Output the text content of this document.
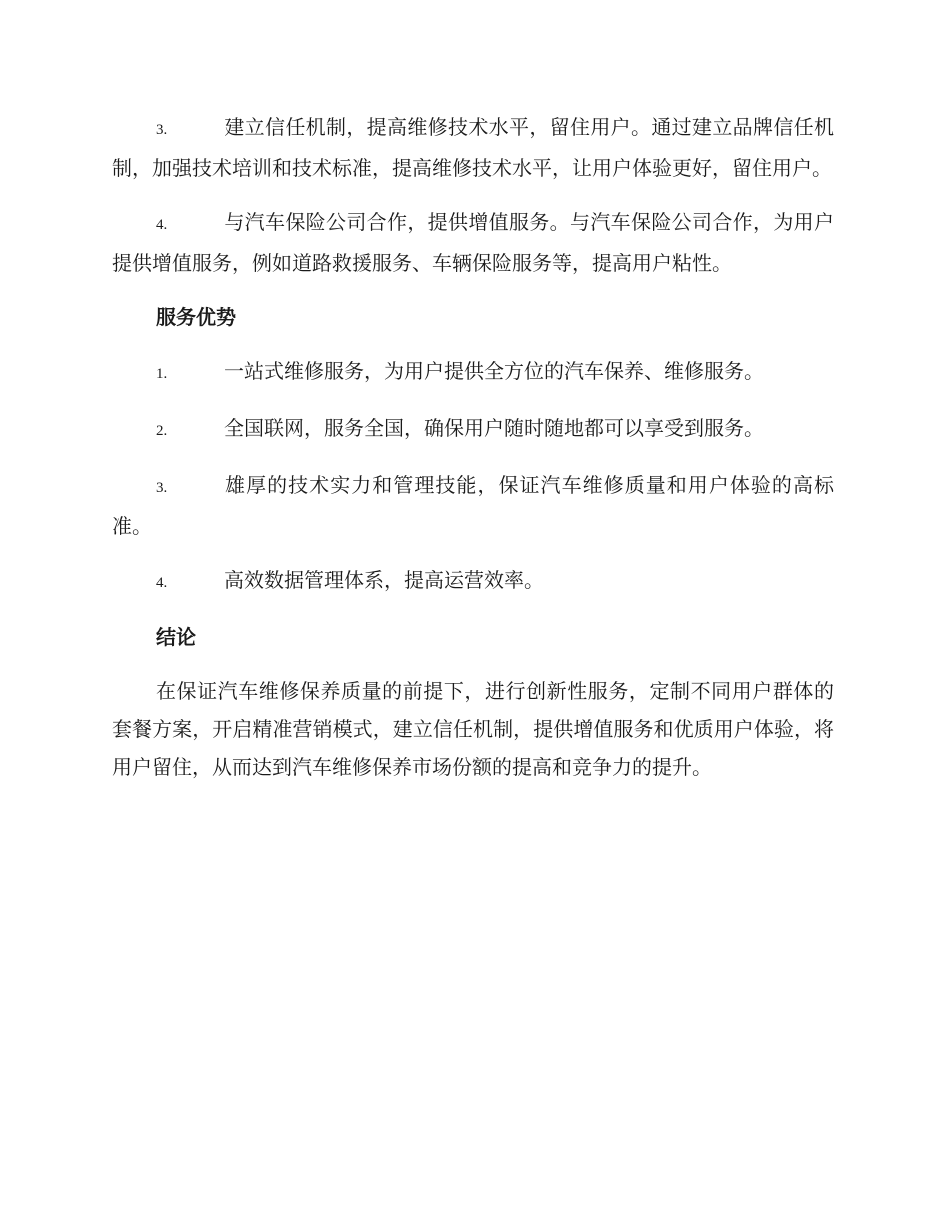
3.	建立信任机制，提高维修技术水平，留住用户。通过建立品牌信任机制，加强技术培训和技术标准，提高维修技术水平，让用户体验更好，留住用户。

4.	与汽车保险公司合作，提供增值服务。与汽车保险公司合作，为用户提供增值服务，例如道路救援服务、车辆保险服务等，提高用户粘性。

服务优势

1.	一站式维修服务，为用户提供全方位的汽车保养、维修服务。

2.	全国联网，服务全国，确保用户随时随地都可以享受到服务。

3.	雄厚的技术实力和管理技能，保证汽车维修质量和用户体验的高标准。

4.	高效数据管理体系，提高运营效率。

结论

在保证汽车维修保养质量的前提下，进行创新性服务，定制不同用户群体的套餐方案，开启精准营销模式，建立信任机制，提供增值服务和优质用户体验，将用户留住，从而达到汽车维修保养市场份额的提高和竞争力的提升。
